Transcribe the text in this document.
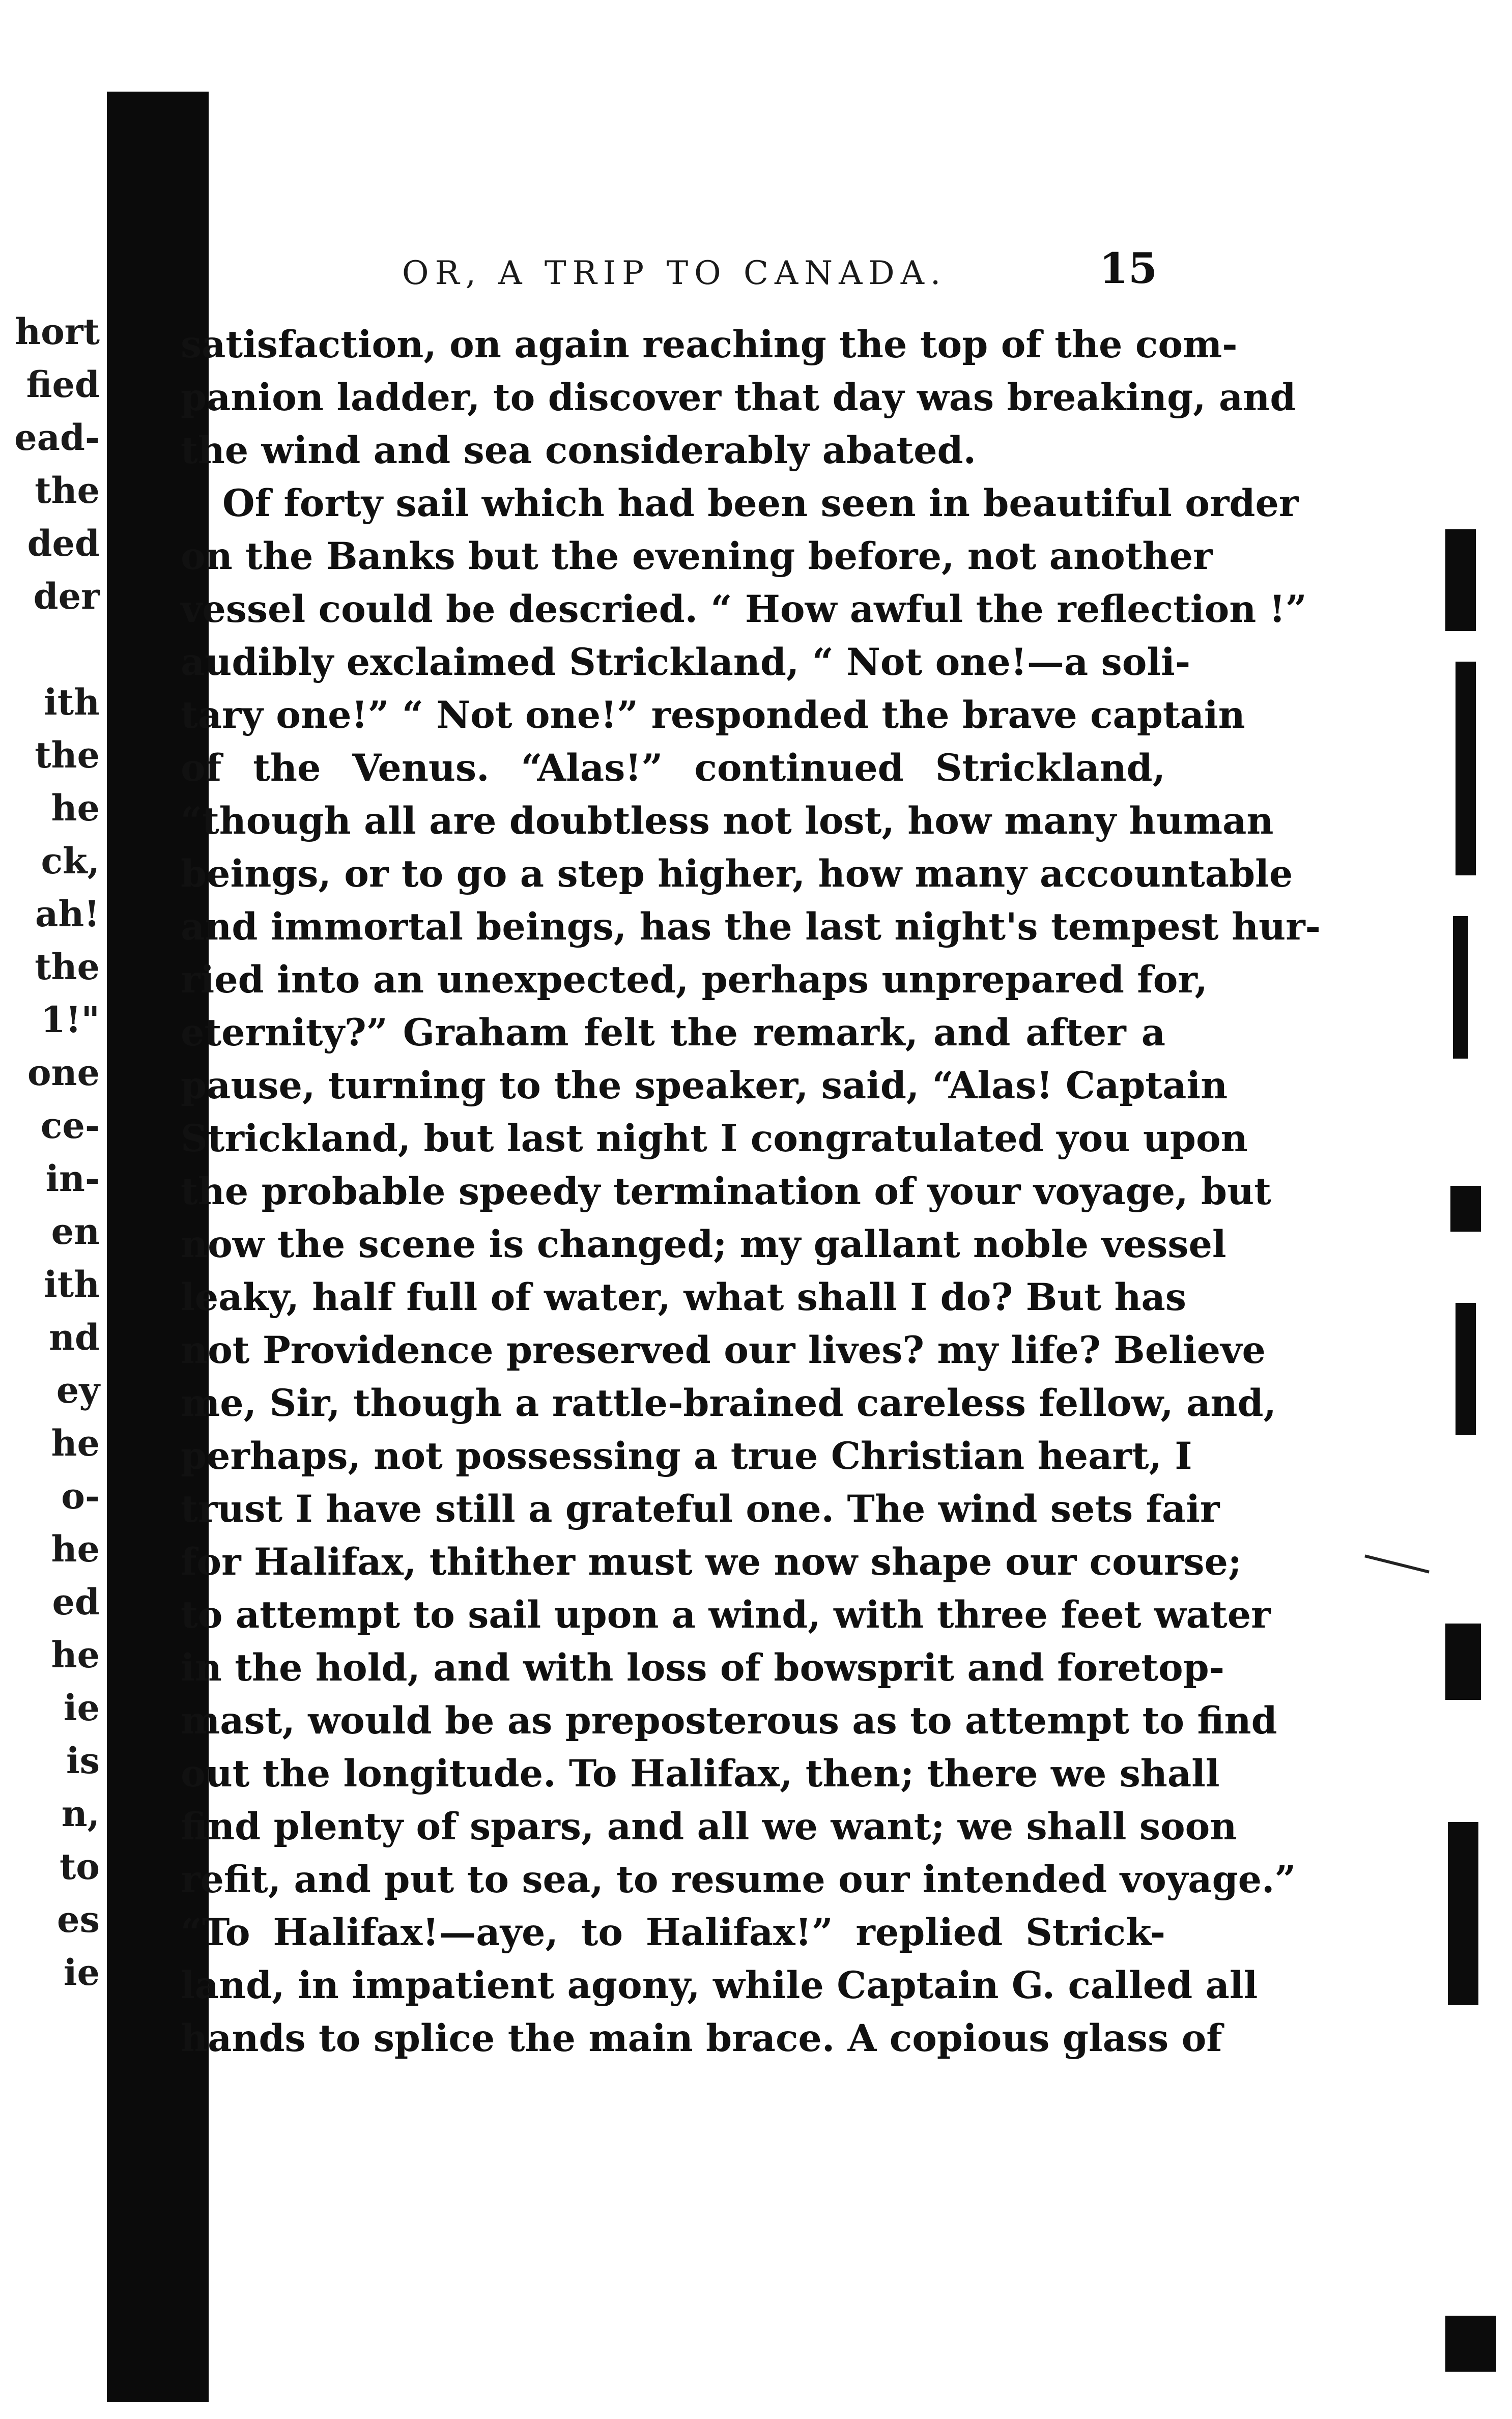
hort
fied
ead-
the
ded
der
ith
the
he
ck,
ah!
the
1!"
one
ce-
in-
en
ith
nd
ey
he
o-
he
ed
he
ie
is
n,
to
es
ie
OR, A TRIP TO CANADA.	15
satisfaction, on again reaching the top of the com-
panion ladder, to discover that day was breaking, and
the wind and sea considerably abated.
Of forty sail which had been seen in beautiful order
on the Banks but the evening before, not another
vessel could be descried. “ How awful the reflection !”
audibly exclaimed Strickland, “ Not one!—a soli-
tary one!” “ Not one!” responded the brave captain
of the Venus. “Alas!” continued Strickland,
“though all are doubtless not lost, how many human
beings, or to go a step higher, how many accountable
and immortal beings, has the last night's tempest hur-
ried into an unexpected, perhaps unprepared for,
eternity?” Graham felt the remark, and after a
pause, turning to the speaker, said, “Alas! Captain
Strickland, but last night I congratulated you upon
the probable speedy termination of your voyage, but
now the scene is changed; my gallant noble vessel
leaky, half full of water, what shall I do? But has
not Providence preserved our lives? my life? Believe
me, Sir, though a rattle-brained careless fellow, and,
perhaps, not possessing a true Christian heart, I
trust I have still a grateful one. The wind sets fair
for Halifax, thither must we now shape our course;
to attempt to sail upon a wind, with three feet water
in the hold, and with loss of bowsprit and foretop-
mast, would be as preposterous as to attempt to find
out the longitude. To Halifax, then; there we shall
find plenty of spars, and all we want; we shall soon
refit, and put to sea, to resume our intended voyage.”
“To Halifax!—aye, to Halifax!” replied Strick-
land, in impatient agony, while Captain G. called all
hands to splice the main brace. A copious glass of
